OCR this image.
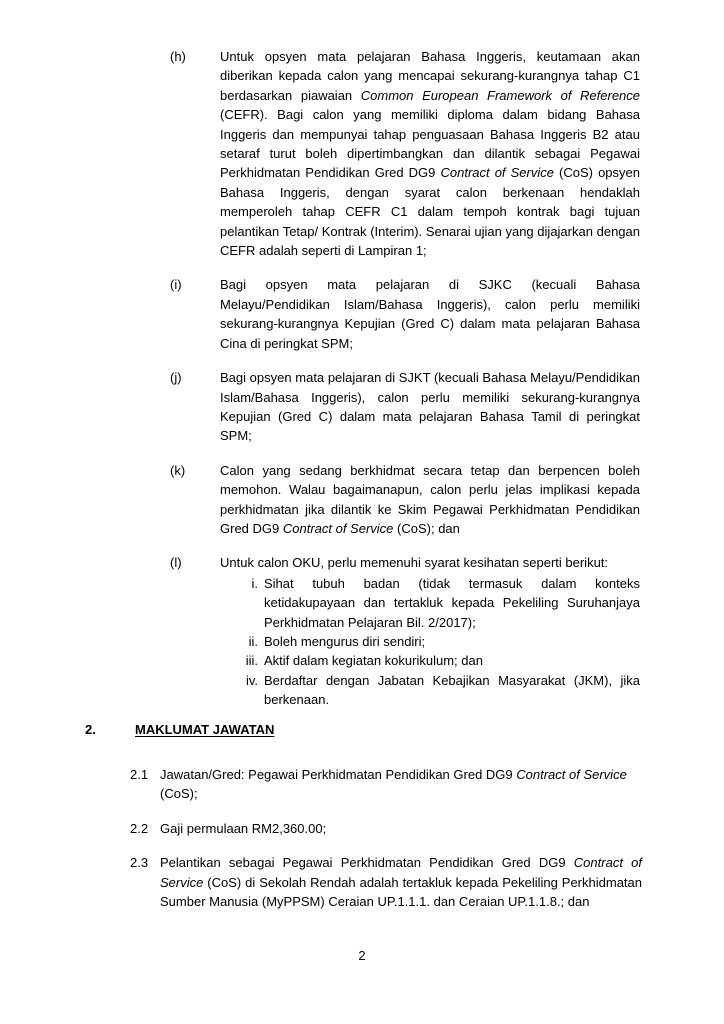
(h)	Untuk opsyen mata pelajaran Bahasa Inggeris, keutamaan akan diberikan kepada calon yang mencapai sekurang-kurangnya tahap C1 berdasarkan piawaian Common European Framework of Reference (CEFR). Bagi calon yang memiliki diploma dalam bidang Bahasa Inggeris dan mempunyai tahap penguasaan Bahasa Inggeris B2 atau setaraf turut boleh dipertimbangkan dan dilantik sebagai Pegawai Perkhidmatan Pendidikan Gred DG9 Contract of Service (CoS) opsyen Bahasa Inggeris, dengan syarat calon berkenaan hendaklah memperoleh tahap CEFR C1 dalam tempoh kontrak bagi tujuan pelantikan Tetap/ Kontrak (Interim). Senarai ujian yang dijajarkan dengan CEFR adalah seperti di Lampiran 1;
(i)	Bagi opsyen mata pelajaran di SJKC (kecuali Bahasa Melayu/Pendidikan Islam/Bahasa Inggeris), calon perlu memiliki sekurang-kurangnya Kepujian (Gred C) dalam mata pelajaran Bahasa Cina di peringkat SPM;
(j)	Bagi opsyen mata pelajaran di SJKT (kecuali Bahasa Melayu/Pendidikan Islam/Bahasa Inggeris), calon perlu memiliki sekurang-kurangnya Kepujian (Gred C) dalam mata pelajaran Bahasa Tamil di peringkat SPM;
(k)	Calon yang sedang berkhidmat secara tetap dan berpencen boleh memohon. Walau bagaimanapun, calon perlu jelas implikasi kepada perkhidmatan jika dilantik ke Skim Pegawai Perkhidmatan Pendidikan Gred DG9 Contract of Service (CoS); dan
(l)	Untuk calon OKU, perlu memenuhi syarat kesihatan seperti berikut:
i. Sihat tubuh badan (tidak termasuk dalam konteks ketidakupayaan dan tertakluk kepada Pekeliling Suruhanjaya Perkhidmatan Pelajaran Bil. 2/2017);
ii. Boleh mengurus diri sendiri;
iii. Aktif dalam kegiatan kokurikulum; dan
iv. Berdaftar dengan Jabatan Kebajikan Masyarakat (JKM), jika berkenaan.
2.	MAKLUMAT JAWATAN
2.1 Jawatan/Gred: Pegawai Perkhidmatan Pendidikan Gred DG9 Contract of Service (CoS);
2.2 Gaji permulaan RM2,360.00;
2.3 Pelantikan sebagai Pegawai Perkhidmatan Pendidikan Gred DG9 Contract of Service (CoS) di Sekolah Rendah adalah tertakluk kepada Pekeliling Perkhidmatan Sumber Manusia (MyPPSM) Ceraian UP.1.1.1. dan Ceraian UP.1.1.8.; dan
2
